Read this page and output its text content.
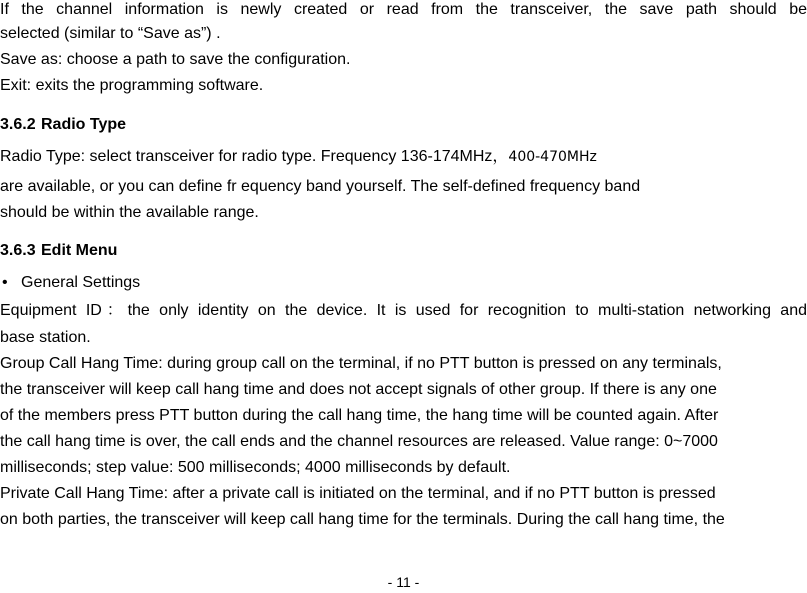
If the channel information is newly created or read from the transceiver, the save path should be
selected (similar to “Save as”) .
Save as: choose a path to save the configuration.
Exit: exits the programming software.
3.6.2 Radio Type
Radio Type: select transceiver for radio type. Frequency 136-174MHz，400-470MHz
are available, or you can define fr equency band yourself. The self-defined frequency band
should be within the available range.
3.6.3 Edit Menu
• General Settings
Equipment ID：the only identity on the device. It is used for recognition to multi-station networking and
base station.
Group Call Hang Time: during group call on the terminal, if no PTT button is pressed on any terminals,
the transceiver will keep call hang time and does not accept signals of other group. If there is any one
of the members press PTT button during the call hang time, the hang time will be counted again. After
the call hang time is over, the call ends and the channel resources are released. Value range: 0~7000
milliseconds; step value: 500 milliseconds; 4000 milliseconds by default.
Private Call Hang Time: after a private call is initiated on the terminal, and if no PTT button is pressed
on both parties, the transceiver will keep call hang time for the terminals. During the call hang time, the
- 11 -
